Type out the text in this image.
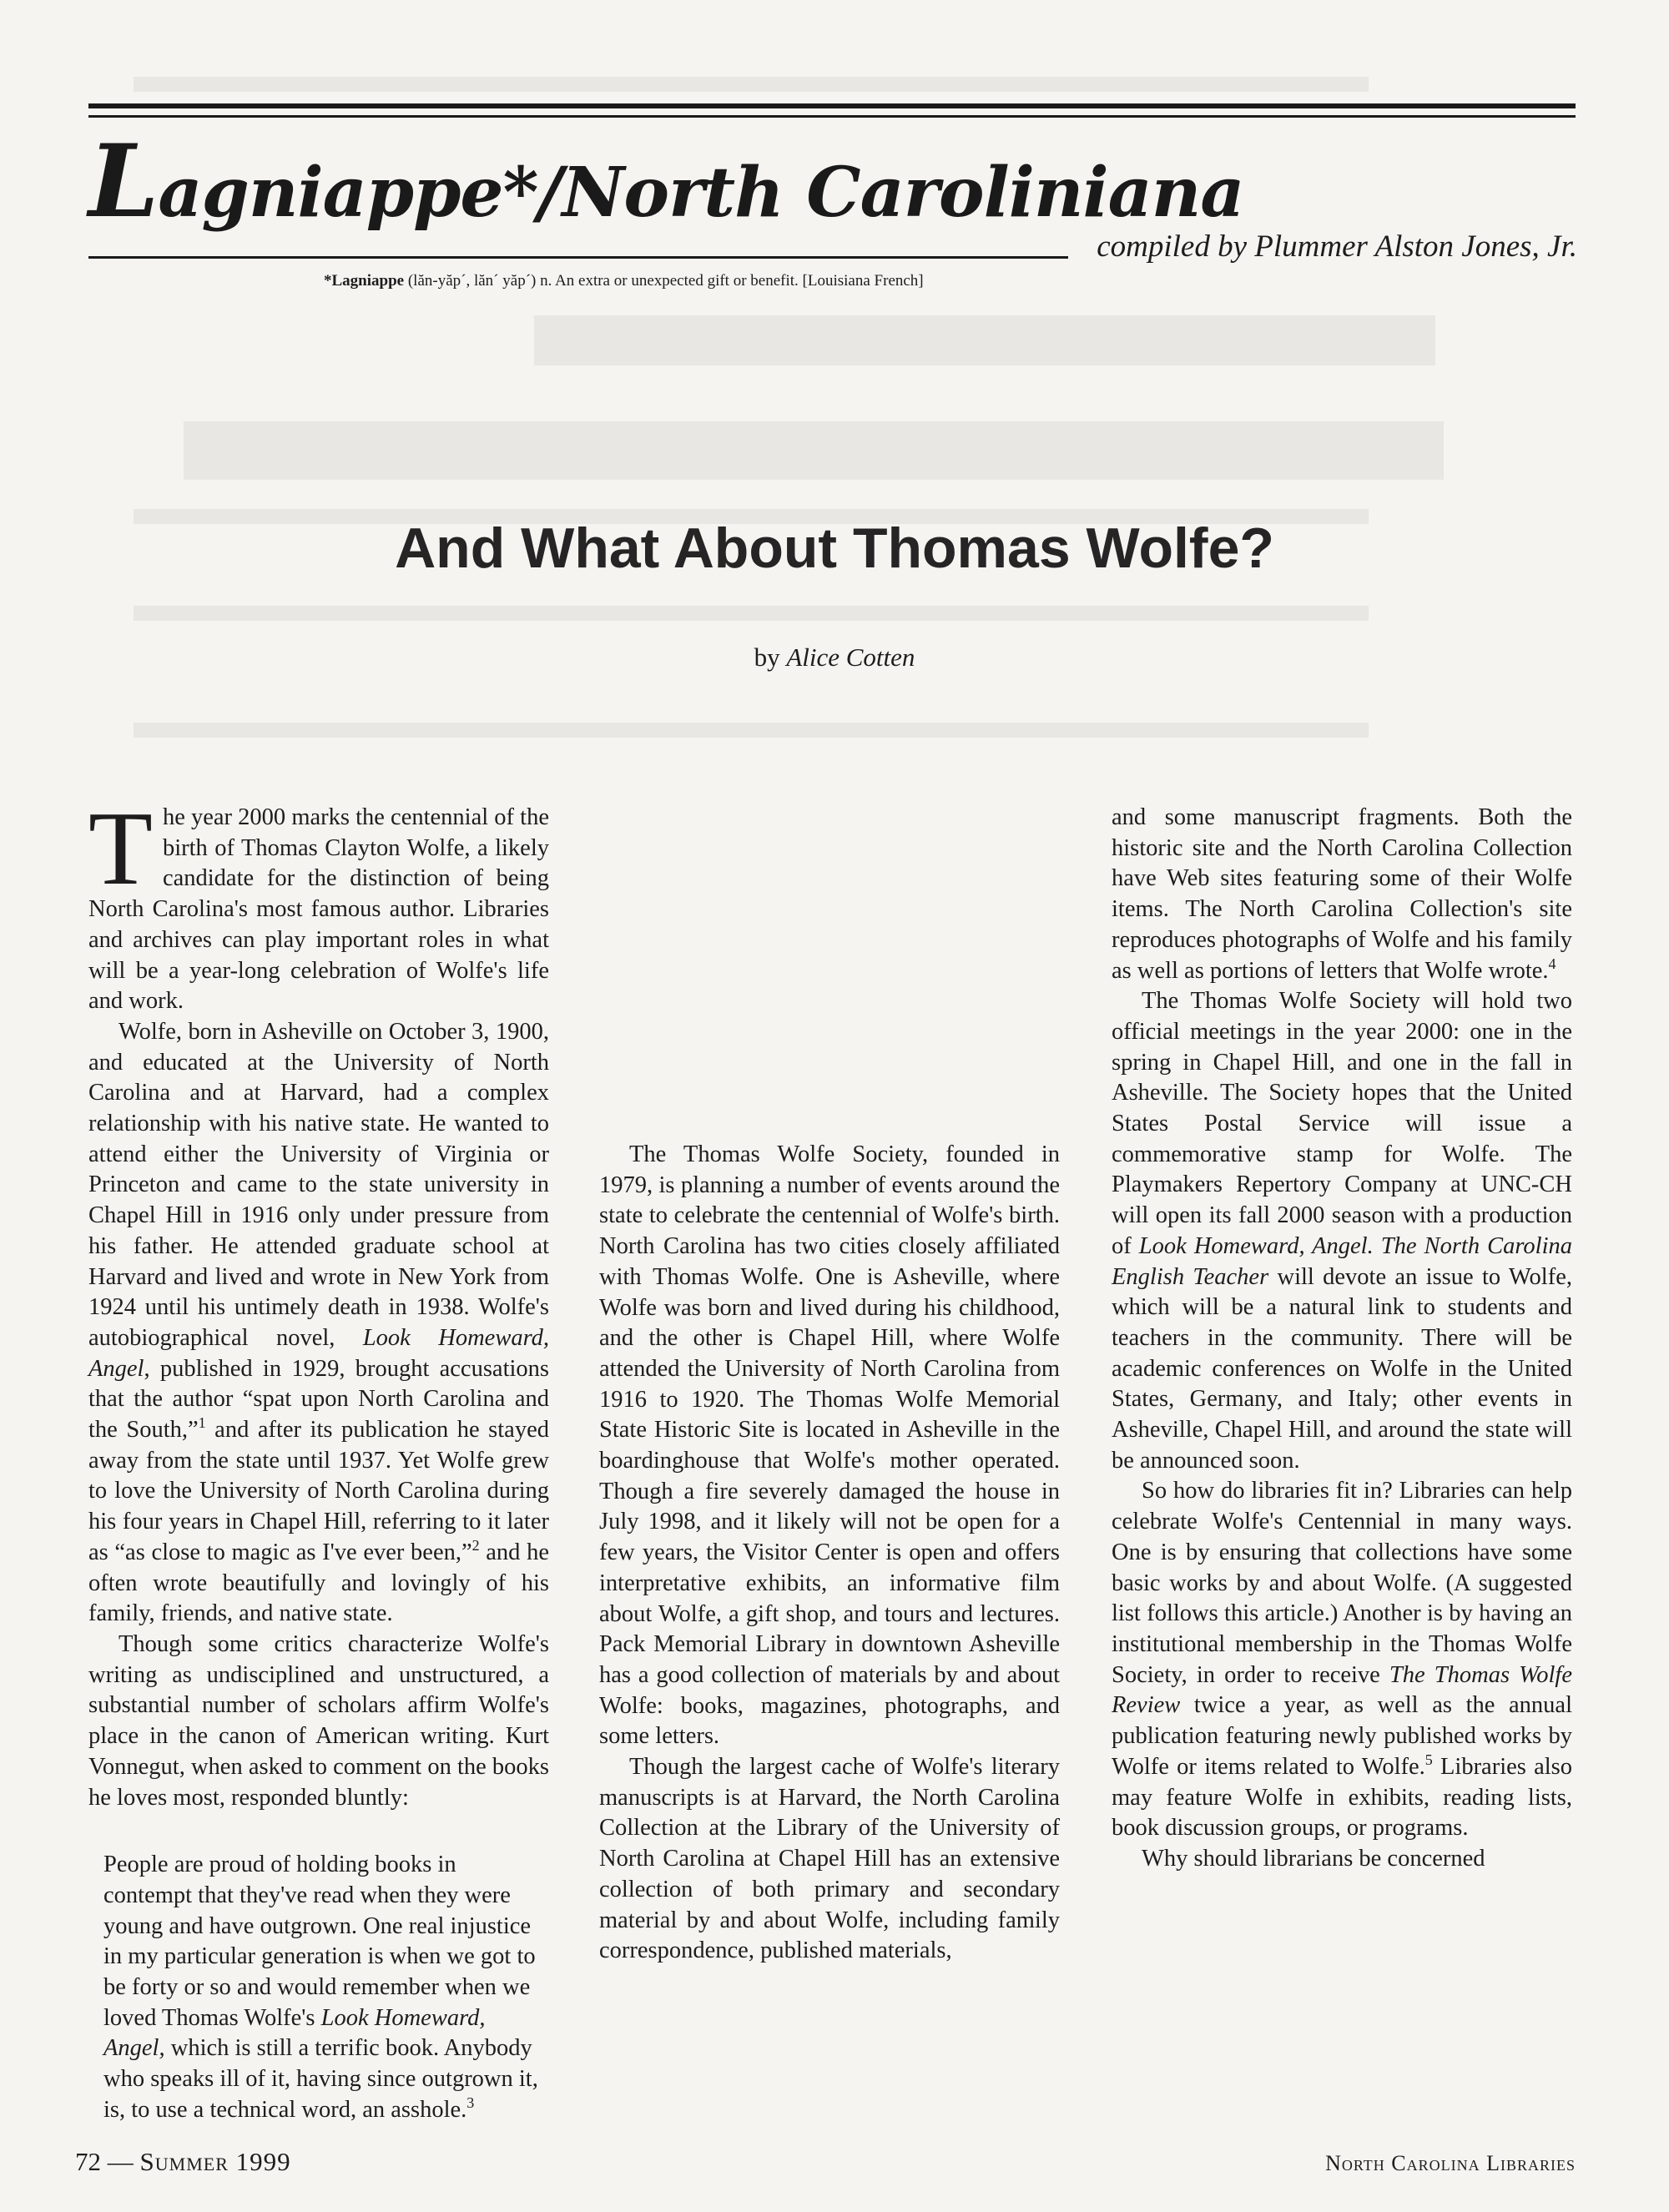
Lagniappe*/North Caroliniana
*Lagniappe (lăn-yăp´, lăn´ yăp´) n. An extra or unexpected gift or benefit. [Louisiana French]
compiled by Plummer Alston Jones, Jr.
And What About Thomas Wolfe?
by Alice Cotten

The year 2000 marks the centennial of the birth of Thomas Clayton Wolfe, a likely candidate for the distinction of being North Carolina's most famous author. Libraries and archives can play important roles in what will be a year-long celebration of Wolfe's life and work.

Wolfe, born in Asheville on October 3, 1900, and educated at the University of North Carolina and at Harvard, had a complex relationship with his native state. He wanted to attend either the University of Virginia or Princeton and came to the state university in Chapel Hill in 1916 only under pressure from his father. He attended graduate school at Harvard and lived and wrote in New York from 1924 until his untimely death in 1938. Wolfe's autobiographical novel, Look Homeward, Angel, published in 1929, brought accusations that the author “spat upon North Carolina and the South,”$^1$ and after its publication he stayed away from the state until 1937. Yet Wolfe grew to love the University of North Carolina during his four years in Chapel Hill, referring to it later as “as close to magic as I've ever been,”$^2$ and he often wrote beautifully and lovingly of his family, friends, and native state.

Though some critics characterize Wolfe's writing as undisciplined and unstructured, a substantial number of scholars affirm Wolfe's place in the canon of American writing. Kurt Vonnegut, when asked to comment on the books he loves most, responded bluntly:

People are proud of holding books in contempt that they've read when they were young and have outgrown. One real injustice in my particular generation is when we got to be forty or so and would remember when we loved Thomas Wolfe's Look Homeward, Angel, which is still a terrific book. Anybody who speaks ill of it, having since outgrown it, is, to use a technical word, an asshole.$^3$

The Thomas Wolfe Society, founded in 1979, is planning a number of events around the state to celebrate the centennial of Wolfe's birth. North Carolina has two cities closely affiliated with Thomas Wolfe. One is Asheville, where Wolfe was born and lived during his childhood, and the other is Chapel Hill, where Wolfe attended the University of North Carolina from 1916 to 1920. The Thomas Wolfe Memorial State Historic Site is located in Asheville in the boardinghouse that Wolfe's mother operated. Though a fire severely damaged the house in July 1998, and it likely will not be open for a few years, the Visitor Center is open and offers interpretative exhibits, an informative film about Wolfe, a gift shop, and tours and lectures. Pack Memorial Library in downtown Asheville has a good collection of materials by and about Wolfe: books, magazines, photographs, and some letters.

Though the largest cache of Wolfe's literary manuscripts is at Harvard, the North Carolina Collection at the Library of the University of North Carolina at Chapel Hill has an extensive collection of both primary and secondary material by and about Wolfe, including family correspondence, published materials,

and some manuscript fragments. Both the historic site and the North Carolina Collection have Web sites featuring some of their Wolfe items. The North Carolina Collection's site reproduces photographs of Wolfe and his family as well as portions of letters that Wolfe wrote.$^4$

The Thomas Wolfe Society will hold two official meetings in the year 2000: one in the spring in Chapel Hill, and one in the fall in Asheville. The Society hopes that the United States Postal Service will issue a commemorative stamp for Wolfe. The Playmakers Repertory Company at UNC-CH will open its fall 2000 season with a production of Look Homeward, Angel. The North Carolina English Teacher will devote an issue to Wolfe, which will be a natural link to students and teachers in the community. There will be academic conferences on Wolfe in the United States, Germany, and Italy; other events in Asheville, Chapel Hill, and around the state will be announced soon.

So how do libraries fit in? Libraries can help celebrate Wolfe's Centennial in many ways. One is by ensuring that collections have some basic works by and about Wolfe. (A suggested list follows this article.) Another is by having an institutional membership in the Thomas Wolfe Society, in order to receive The Thomas Wolfe Review twice a year, as well as the annual publication featuring newly published works by Wolfe or items related to Wolfe.$^5$ Libraries also may feature Wolfe in exhibits, reading lists, book discussion groups, or programs.

Why should librarians be concerned

72 — Summer 1999	North Carolina Libraries
